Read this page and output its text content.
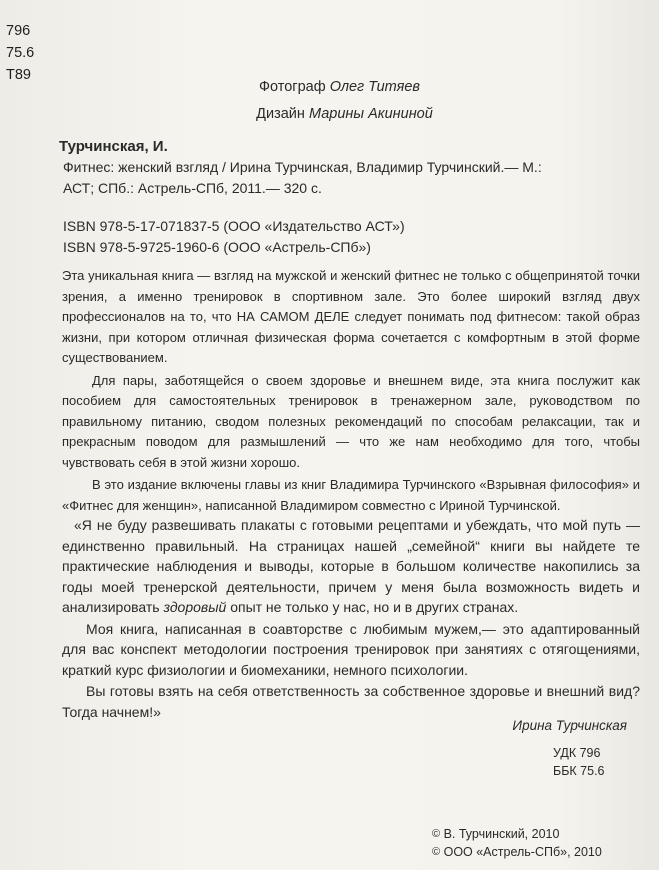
796
75.6
T89
Фотограф Олег Титяев
Дизайн Марины Акининой
Турчинская, И.
Фитнес: женский взгляд / Ирина Турчинская, Владимир Турчинский.— М.:
АСТ; СПб.: Астрель-СПб, 2011.— 320 с.
ISBN 978-5-17-071837-5 (ООО «Издательство АСТ»)
ISBN 978-5-9725-1960-6 (ООО «Астрель-СПб»)

Эта уникальная книга — взгляд на мужской и женский фитнес не только с общепринятой точки зрения, а именно тренировок в спортивном зале. Это более широкий взгляд двух профессионалов на то, что НА САМОМ ДЕЛЕ следует понимать под фитнесом: такой образ жизни, при котором отличная физическая форма сочетается с комфортным в этой форме существованием.

Для пары, заботящейся о своем здоровье и внешнем виде, эта книга послужит как пособием для самостоятельных тренировок в тренажерном зале, руководством по правильному питанию, сводом полезных рекомендаций по способам релаксации, так и прекрасным поводом для размышлений — что же нам необходимо для того, чтобы чувствовать себя в этой жизни хорошо.

В это издание включены главы из книг Владимира Турчинского «Взрывная философия» и «Фитнес для женщин», написанной Владимиром совместно с Ириной Турчинской.

«Я не буду развешивать плакаты с готовыми рецептами и убеждать, что мой путь — единственно правильный. На страницах нашей „семейной“ книги вы найдете те практические наблюдения и выводы, которые в большом количестве накопились за годы моей тренерской деятельности, причем у меня была возможность видеть и анализировать здоровый опыт не только у нас, но и в других странах.

Моя книга, написанная в соавторстве с любимым мужем,— это адаптированный для вас конспект методологии построения тренировок при занятиях с отягощениями, краткий курс физиологии и биомеханики, немного психологии.

Вы готовы взять на себя ответственность за собственное здоровье и внешний вид? Тогда начнем!»

Ирина Турчинская
УДК 796
ББК 75.6
© В. Турчинский, 2010
© ООО «Астрель-СПб», 2010
